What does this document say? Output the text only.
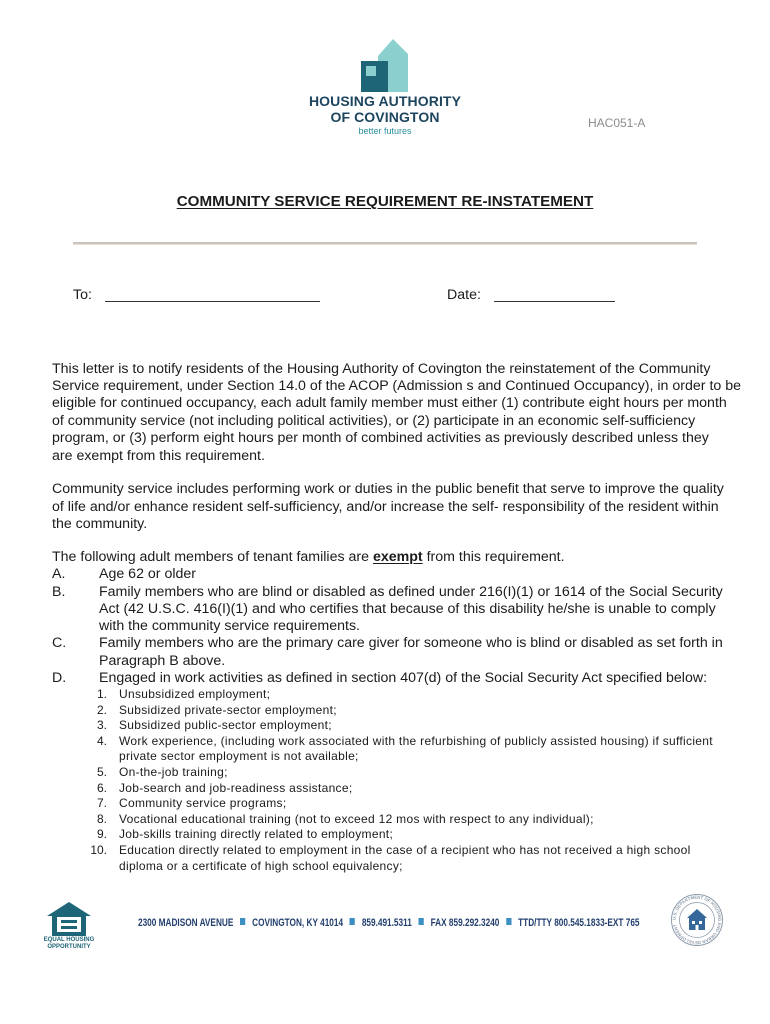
HOUSING AUTHORITY
OF COVINGTON
better futures
HAC051-A
COMMUNITY SERVICE REQUIREMENT RE-INSTATEMENT
To:	Date:
This letter is to notify residents of the Housing Authority of Covington the reinstatement of the Community
Service requirement, under Section 14.0 of the ACOP (Admission s and Continued Occupancy), in order to be
eligible for continued occupancy, each adult family member must either (1) contribute eight hours per month
of community service (not including political activities), or (2) participate in an economic self-sufficiency
program, or (3) perform eight hours per month of combined activities as previously described unless they
are exempt from this requirement.
Community service includes performing work or duties in the public benefit that serve to improve the quality
of life and/or enhance resident self-sufficiency, and/or increase the self- responsibility of the resident within
the community.
The following adult members of tenant families are exempt from this requirement.
A. Age 62 or older
B. Family members who are blind or disabled as defined under 216(I)(1) or 1614 of the Social Security
Act (42 U.S.C. 416(I)(1) and who certifies that because of this disability he/she is unable to comply
with the community service requirements.
C. Family members who are the primary care giver for someone who is blind or disabled as set forth in
Paragraph B above.
D. Engaged in work activities as defined in section 407(d) of the Social Security Act specified below:
1. Unsubsidized employment;
2. Subsidized private-sector employment;
3. Subsidized public-sector employment;
4. Work experience, (including work associated with the refurbishing of publicly assisted housing) if sufficient
private sector employment is not available;
5. On-the-job training;
6. Job-search and job-readiness assistance;
7. Community service programs;
8. Vocational educational training (not to exceed 12 mos with respect to any individual);
9. Job-skills training directly related to employment;
10. Education directly related to employment in the case of a recipient who has not received a high school
diploma or a certificate of high school equivalency;
EQUAL HOUSING
OPPORTUNITY
2300 MADISON AVENUE COVINGTON, KY 41014 859.491.5311 FAX 859.292.3240 TTD/TTY 800.545.1833-EXT 765	U.S. DEPARTMENT OF HOUSING AND URBAN DEVELOPMENT
